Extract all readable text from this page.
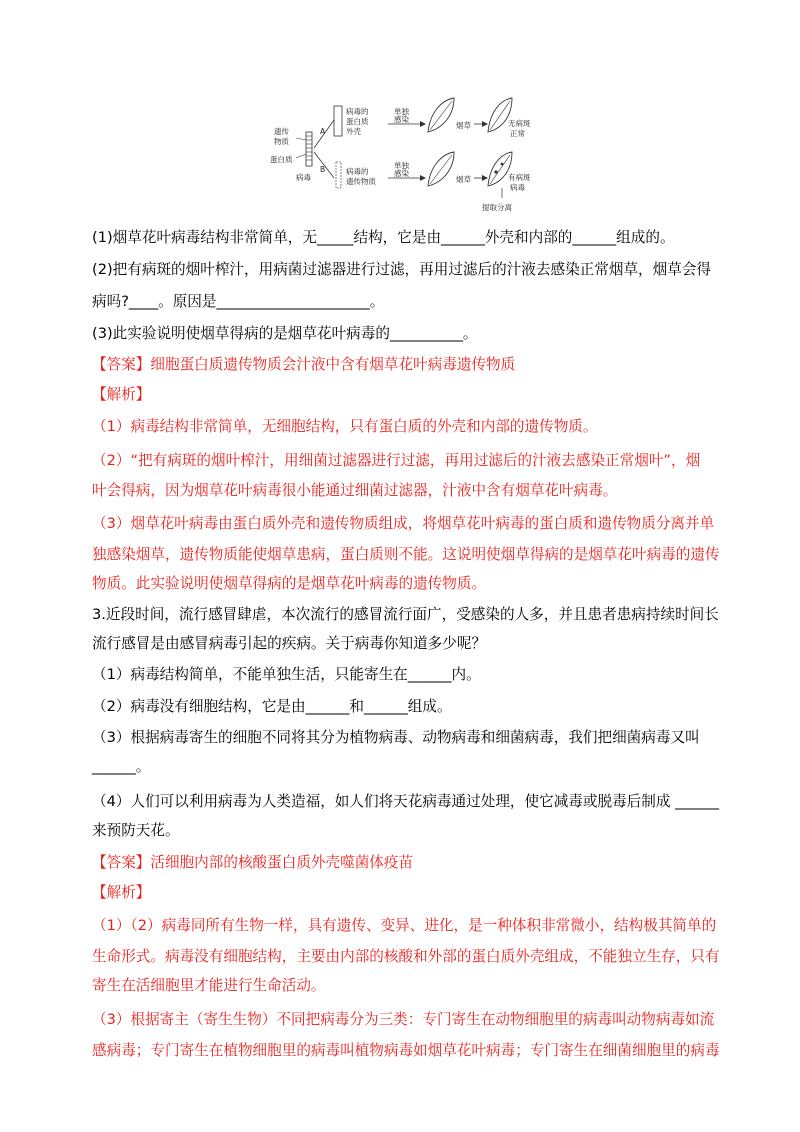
遗传
物质
蛋白质
病毒
A
B
病毒的
蛋白质
外壳
病毒的
遗传物质
单独
感染
单独
感染
烟草	无病斑
正常
烟草	有病斑
病毒
提取分离
(1)烟草花叶病毒结构非常简单，无_____结构，它是由______外壳和内部的______组成的。
(2)把有病斑的烟叶榨汁，用病菌过滤器进行过滤，再用过滤后的汁液去感染正常烟草，烟草会得
病吗?____。原因是_____________________。
(3)此实验说明使烟草得病的是烟草花叶病毒的__________。
【答案】细胞蛋白质遗传物质会汁液中含有烟草花叶病毒遗传物质
【解析】
（1）病毒结构非常简单，无细胞结构，只有蛋白质的外壳和内部的遗传物质。
（2）“把有病斑的烟叶榨汁，用细菌过滤器进行过滤，再用过滤后的汁液去感染正常烟叶”，烟
叶会得病，因为烟草花叶病毒很小能通过细菌过滤器，汁液中含有烟草花叶病毒。
（3）烟草花叶病毒由蛋白质外壳和遗传物质组成，将烟草花叶病毒的蛋白质和遗传物质分离并单
独感染烟草，遗传物质能使烟草患病，蛋白质则不能。这说明使烟草得病的是烟草花叶病毒的遗传
物质。此实验说明使烟草得病的是烟草花叶病毒的遗传物质。
3.近段时间，流行感冒肆虐，本次流行的感冒流行面广，受感染的人多，并且患者患病持续时间长
流行感冒是由感冒病毒引起的疾病。关于病毒你知道多少呢？
（1）病毒结构简单，不能单独生活，只能寄生在______内。
（2）病毒没有细胞结构，它是由______和______组成。
（3）根据病毒寄生的细胞不同将其分为植物病毒、动物病毒和细菌病毒，我们把细菌病毒又叫
______。
（4）人们可以利用病毒为人类造福，如人们将天花病毒通过处理，使它减毒或脱毒后制成 ______
来预防天花。
【答案】活细胞内部的核酸蛋白质外壳噬菌体疫苗
【解析】
（1）（2）病毒同所有生物一样，具有遗传、变异、进化，是一种体积非常微小，结构极其简单的
生命形式。病毒没有细胞结构，主要由内部的核酸和外部的蛋白质外壳组成，不能独立生存，只有
寄生在活细胞里才能进行生命活动。
（3）根据寄主（寄生生物）不同把病毒分为三类：专门寄生在动物细胞里的病毒叫动物病毒如流
感病毒；专门寄生在植物细胞里的病毒叫植物病毒如烟草花叶病毒；专门寄生在细菌细胞里的病毒
